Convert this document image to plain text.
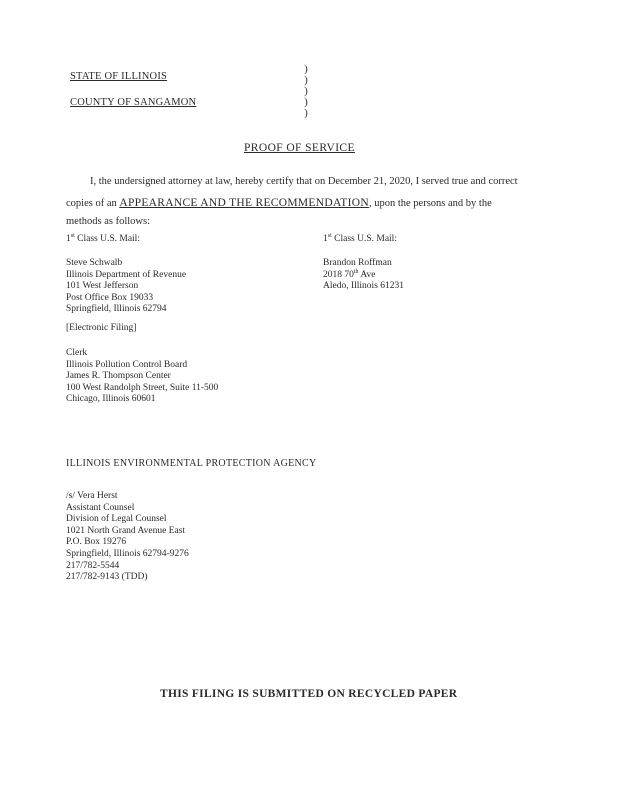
STATE OF ILLINOIS
COUNTY OF SANGAMON
)
)
)
)
)
PROOF OF SERVICE
I, the undersigned attorney at law, hereby certify that on December 21, 2020, I served true and correct
copies of an APPEARANCE AND THE RECOMMENDATION, upon the persons and by the
methods as follows:
1st Class U.S. Mail:
Steve Schwalb
Illinois Department of Revenue
101 West Jefferson
Post Office Box 19033
Springfield, Illinois 62794
[Electronic Filing]
Clerk
Illinois Pollution Control Board
James R. Thompson Center
100 West Randolph Street, Suite 11-500
Chicago, Illinois 60601
1st Class U.S. Mail:
Brandon Roffman
2018 70th Ave
Aledo, Illinois 61231
ILLINOIS ENVIRONMENTAL PROTECTION AGENCY
/s/ Vera Herst
Assistant Counsel
Division of Legal Counsel
1021 North Grand Avenue East
P.O. Box 19276
Springfield, Illinois 62794-9276
217/782-5544
217/782-9143 (TDD)
THIS FILING IS SUBMITTED ON RECYCLED PAPER
